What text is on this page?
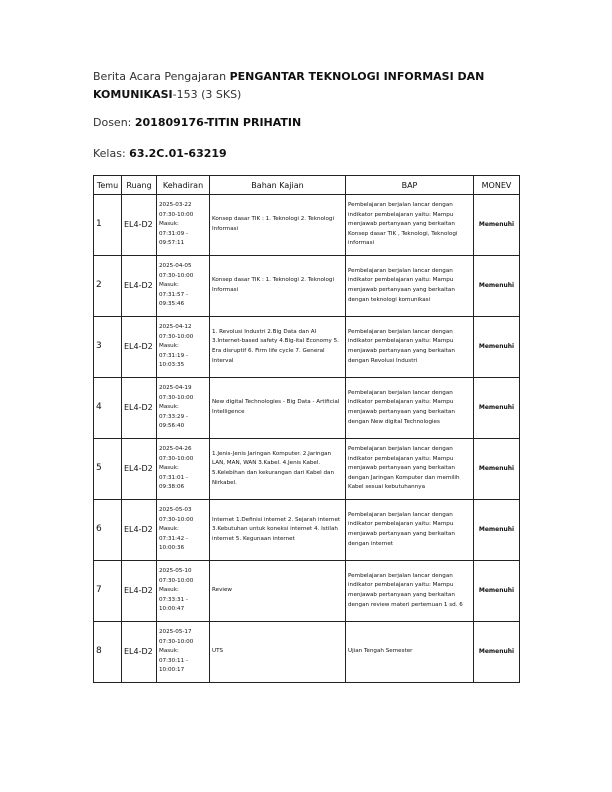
Berita Acara Pengajaran PENGANTAR TEKNOLOGI INFORMASI DAN
KOMUNIKASI-153 (3 SKS)
Dosen: 201809176-TITIN PRIHATIN
Kelas: 63.2C.01-63219
Temu	Ruang	Kehadiran	Bahan Kajian	BAP	MONEV
1	EL4-D2	2025-03-22
07:30-10:00
Masuk:
07:31:09 -
09:57:11	Konsep dasar TIK : 1. Teknologi 2. Teknologi Informasi	Pembelajaran berjalan lancar dengan indikator pembelajaran yaitu: Mampu menjawab pertanyaan yang berkaitan Konsep dasar TIK , Teknologi, Teknologi informasi	Memenuhi
2	EL4-D2	2025-04-05
07:30-10:00
Masuk:
07:31:57 -
09:35:46	Konsep dasar TIK : 1. Teknologi 2. Teknologi Informasi	Pembelajaran berjalan lancar dengan indikator pembelajaran yaitu: Mampu menjawab pertanyaan yang berkaitan dengan teknologi komunikasi	Memenuhi
3	EL4-D2	2025-04-12
07:30-10:00
Masuk:
07:31:19 -
10:03:35	1. Revolusi Industri 2.Big Data dan AI 3.Internet-based safety 4.Big-ital Economy 5. Era disruptif 6. Firm life cycle 7. General Interval	Pembelajaran berjalan lancar dengan indikator pembelajaran yaitu: Mampu menjawab pertanyaan yang berkaitan dengan Revolusi Industri	Memenuhi
4	EL4-D2	2025-04-19
07:30-10:00
Masuk:
07:33:29 -
09:56:40	New digital Technologies - Big Data - Artificial Intelligence	Pembelajaran berjalan lancar dengan indikator pembelajaran yaitu: Mampu menjawab pertanyaan yang berkaitan dengan New digital Technologies	Memenuhi
5	EL4-D2	2025-04-26
07:30-10:00
Masuk:
07:31:01 -
09:38:06	1.Jenis-Jenis Jaringan Komputer. 2.Jaringan LAN, MAN, WAN 3.Kabel. 4.Jenis Kabel. 5.Kelebihan dan kekurangan dari Kabel dan Nirkabel.	Pembelajaran berjalan lancar dengan indikator pembelajaran yaitu: Mampu menjawab pertanyaan yang berkaitan dengan Jaringan Komputer dan memilih Kabel sesuai kebutuhannya	Memenuhi
6	EL4-D2	2025-05-03
07:30-10:00
Masuk:
07:31:42 -
10:00:36	Internet 1.Definisi internet 2. Sejarah internet 3.Kebutuhan untuk koneksi internet 4. Istilah internet 5. Kegunaan internet	Pembelajaran berjalan lancar dengan indikator pembelajaran yaitu: Mampu menjawab pertanyaan yang berkaitan dengan internet	Memenuhi
7	EL4-D2	2025-05-10
07:30-10:00
Masuk:
07:33:31 -
10:00:47	Review	Pembelajaran berjalan lancar dengan indikator pembelajaran yaitu: Mampu menjawab pertanyaan yang berkaitan dengan review materi pertemuan 1 sd. 6	Memenuhi
8	EL4-D2	2025-05-17
07:30-10:00
Masuk:
07:30:11 -
10:00:17	UTS	Ujian Tengah Semester	Memenuhi
